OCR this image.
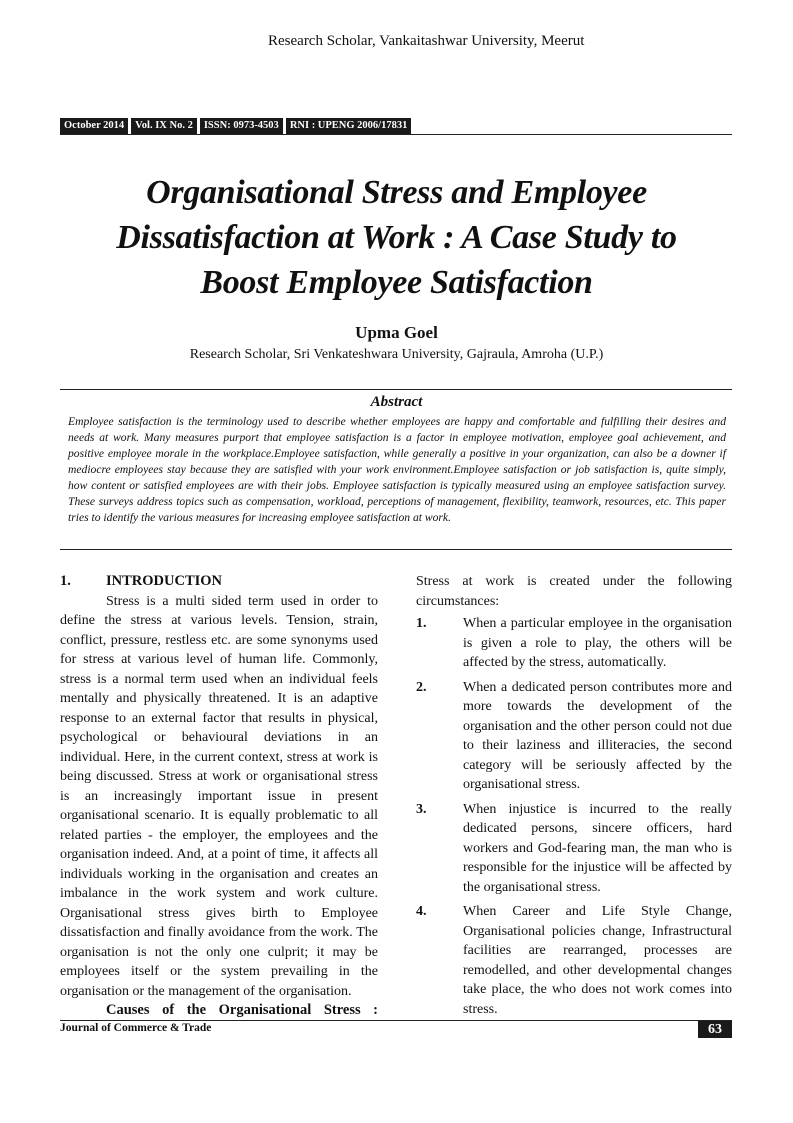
Research Scholar, Vankaitashwar University, Meerut
October 2014	Vol. IX No. 2	ISSN: 0973-4503	RNI : UPENG 2006/17831
Organisational Stress and Employee
Dissatisfaction at Work : A Case Study to
Boost Employee Satisfaction
Upma Goel
Research Scholar, Sri Venkateshwara University, Gajraula, Amroha (U.P.)
Abstract
Employee satisfaction is the terminology used to describe whether employees are happy and comfortable and fulfilling their desires and needs at work. Many measures purport that employee satisfaction is a factor in employee motivation, employee goal achievement, and positive employee morale in the workplace.Employee satisfaction, while generally a positive in your organization, can also be a downer if mediocre employees stay because they are satisfied with your work environment.Employee satisfaction or job satisfaction is, quite simply, how content or satisfied employees are with their jobs. Employee satisfaction is typically measured using an employee satisfaction survey. These surveys address topics such as compensation, workload, perceptions of management, flexibility, teamwork, resources, etc. This paper tries to identify the various measures for increasing employee satisfaction at work.
1.	INTRODUCTION

Stress is a multi sided term used in order to define the stress at various levels. Tension, strain, conflict, pressure, restless etc. are some synonyms used for stress at various level of human life. Commonly, stress is a normal term used when an individual feels mentally and physically threatened. It is an adaptive response to an external factor that results in physical, psychological or behavioural deviations in an individual. Here, in the current context, stress at work is being discussed. Stress at work or organisational stress is an increasingly important issue in present organisational scenario. It is equally problematic to all related parties - the employer, the employees and the organisation indeed. And, at a point of time, it affects all individuals working in the organisation and creates an imbalance in the work system and work culture. Organisational stress gives birth to Employee dissatisfaction and finally avoidance from the work. The organisation is not the only one culprit; it may be employees itself or the system prevailing in the organisation or the management of the organisation.

Causes of the Organisational Stress :

Stress at work is created under the following circumstances:

1.	When a particular employee in the organisation is given a role to play, the others will be affected by the stress, automatically.
2.	When a dedicated person contributes more and more towards the development of the organisation and the other person could not due to their laziness and illiteracies, the second category will be seriously affected by the organisational stress.
3.	When injustice is incurred to the really dedicated persons, sincere officers, hard workers and God-fearing man, the man who is responsible for the injustice will be affected by the organisational stress.
4.	When Career and Life Style Change, Organisational policies change, Infrastructural facilities are rearranged, processes are remodelled, and other developmental changes take place, the who does not work comes into stress.
Journal of Commerce & Trade	63
